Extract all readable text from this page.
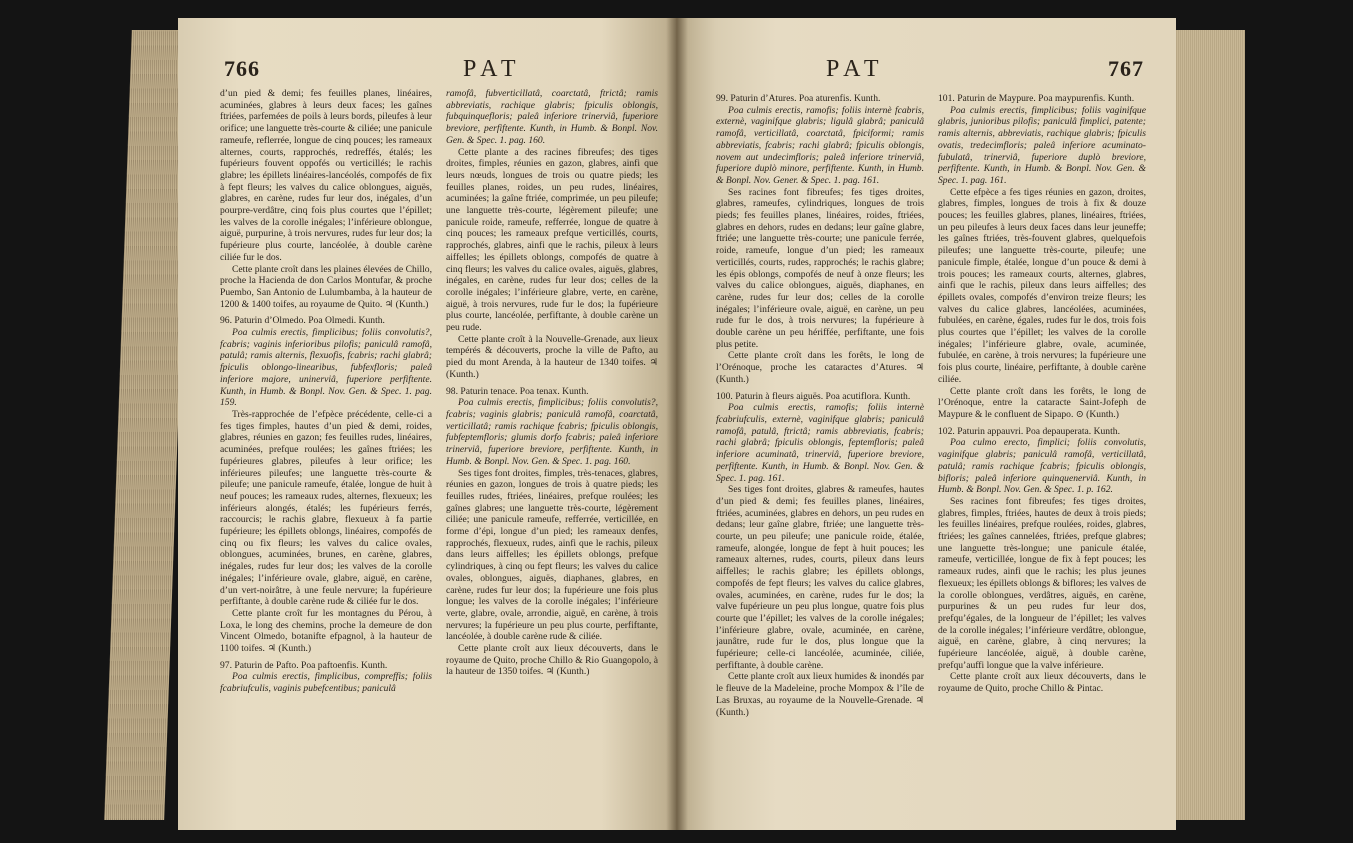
766	PAT

d’un pied & demi; fes feuilles planes, linéaires, acuminées, glabres à leurs deux faces; les gaînes ftriées, parfemées de poils à leurs bords, pileufes à leur orifice; une languette très-courte & ciliée; une panicule rameufe, reflerrée, longue de cinq pouces; les rameaux alternes, courts, rapprochés, redreffés, étalés; les fupérieurs fouvent oppofés ou verticillés; le rachis glabre; les épillets linéaires-lancéolés, compofés de fix à fept fleurs; les valves du calice oblongues, aiguës, glabres, en carène, rudes fur leur dos, inégales, d’un pourpre-verdâtre, cinq fois plus courtes que l’épillet; les valves de la corolle inégales; l’inférieure oblongue, aiguë, purpurine, à trois nervures, rudes fur leur dos; la fupérieure plus courte, lancéolée, à double carène ciliée fur le dos.

Cette plante croît dans les plaines élevées de Chillo, proche la Hacienda de don Carlos Montufar, & proche Puembo, San Antonio de Lulumbamba, à la hauteur de 1200 & 1400 toifes, au royaume de Quito. ♃ (Kunth.)

96. Paturin d’Olmedo. Poa Olmedi. Kunth.

Poa culmis erectis, fimplicibus; foliis convolutis?, fcabris; vaginis inferioribus pilofis; paniculâ ramofâ, patulâ; ramis alternis, flexuofis, fcabris; rachi glabrâ; fpiculis oblongo-linearibus, fubfexfloris; paleâ inferiore majore, uninerviâ, fuperiore perfiftente. Kunth, in Humb. & Bonpl. Nov. Gen. & Spec. 1. pag. 159.

Très-rapprochée de l’efpèce précédente, celle-ci a fes tiges fimples, hautes d’un pied & demi, roides, glabres, réunies en gazon; fes feuilles rudes, linéaires, acuminées, prefque roulées; les gaînes ftriées; les fupérieures glabres, pileufes à leur orifice; les inférieures pileufes; une languette très-courte & pileufe; une panicule rameufe, étalée, longue de huit à neuf pouces; les rameaux rudes, alternes, flexueux; les inférieurs alongés, étalés; les fupérieurs ferrés, raccourcis; le rachis glabre, flexueux à fa partie fupérieure; les épillets oblongs, linéaires, compofés de cinq ou fix fleurs; les valves du calice ovales, oblongues, acuminées, brunes, en carène, glabres, inégales, rudes fur leur dos; les valves de la corolle inégales; l’inférieure ovale, glabre, aiguë, en carène, d’un vert-noirâtre, à une feule nervure; la fupérieure perfiftante, à double carène rude & ciliée fur le dos.

Cette plante croît fur les montagnes du Pérou, à Loxa, le long des chemins, proche la demeure de don Vincent Olmedo, botanifte efpagnol, à la hauteur de 1100 toifes. ♃ (Kunth.)

97. Paturin de Pafto. Poa paftoenfis. Kunth.

Poa culmis erectis, fimplicibus, compreffis; foliis fcabriufculis, vaginis pubefcentibus; paniculâ

ramofâ, fubverticillatâ, coarctatâ, ftrictâ; ramis abbreviatis, rachique glabris; fpiculis oblongis, fubquinquefloris; paleâ inferiore trinerviâ, fuperiore breviore, perfiftente. Kunth, in Humb. & Bonpl. Nov. Gen. & Spec. 1. pag. 160.

Cette plante a des racines fibreufes; des tiges droites, fimples, réunies en gazon, glabres, ainfi que leurs nœuds, longues de trois ou quatre pieds; les feuilles planes, roides, un peu rudes, linéaires, acuminées; la gaîne ftriée, comprimée, un peu pileufe; une languette très-courte, légèrement pileufe; une panicule roide, rameufe, refferrée, longue de quatre à cinq pouces; les rameaux prefque verticillés, courts, rapprochés, glabres, ainfi que le rachis, pileux à leurs aiffelles; les épillets oblongs, compofés de quatre à cinq fleurs; les valves du calice ovales, aiguës, glabres, inégales, en carène, rudes fur leur dos; celles de la corolle inégales; l’inférieure glabre, verte, en carène, aiguë, à trois nervures, rude fur le dos; la fupérieure plus courte, lancéolée, perfiftante, à double carène un peu rude.

Cette plante croît à la Nouvelle-Grenade, aux lieux tempérés & découverts, proche la ville de Pafto, au pied du mont Arenda, à la hauteur de 1340 toifes. ♃ (Kunth.)

98. Paturin tenace. Poa tenax. Kunth.

Poa culmis erectis, fimplicibus; foliis convolutis?, fcabris; vaginis glabris; paniculâ ramofâ, coarctatâ, verticillatâ; ramis rachique fcabris; fpiculis oblongis, fubfeptemfloris; glumis dorfo fcabris; paleâ inferiore trinerviâ, fuperiore breviore, perfiftente. Kunth, in Humb. & Bonpl. Nov. Gen. & Spec. 1. pag. 160.

Ses tiges font droites, fimples, très-tenaces, glabres, réunies en gazon, longues de trois à quatre pieds; les feuilles rudes, ftriées, linéaires, prefque roulées; les gaînes glabres; une languette très-courte, légèrement ciliée; une panicule rameufe, refferrée, verticillée, en forme d’épi, longue d’un pied; les rameaux denfes, rapprochés, flexueux, rudes, ainfi que le rachis, pileux dans leurs aiffelles; les épillets oblongs, prefque cylindriques, à cinq ou fept fleurs; les valves du calice ovales, oblongues, aiguës, diaphanes, glabres, en carène, rudes fur leur dos; la fupérieure une fois plus longue; les valves de la corolle inégales; l’inférieure verte, glabre, ovale, arrondie, aiguë, en carène, à trois nervures; la fupérieure un peu plus courte, perfiftante, lancéolée, à double carène rude & ciliée.

Cette plante croît aux lieux découverts, dans le royaume de Quito, proche Chillo & Rio Guangopolo, à la hauteur de 1350 toifes. ♃ (Kunth.)

PAT	767

99. Paturin d’Atures. Poa aturenfis. Kunth.

Poa culmis erectis, ramofis; foliis internè fcabris, externè, vaginifque glabris; ligulâ glabrâ; paniculâ ramofâ, verticillatâ, coarctatâ, fpiciformi; ramis abbreviatis, fcabris; rachi glabrâ; fpiculis oblongis, novem aut undecimfloris; paleâ inferiore trinerviâ, fuperiore duplò minore, perfiftente. Kunth, in Humb. & Bonpl. Nov. Gener. & Spec. 1. pag. 161.

Ses racines font fibreufes; fes tiges droites, glabres, rameufes, cylindriques, longues de trois pieds; fes feuilles planes, linéaires, roides, ftriées, glabres en dehors, rudes en dedans; leur gaîne glabre, ftriée; une languette très-courte; une panicule ferrée, roide, rameufe, longue d’un pied; les rameaux verticillés, courts, rudes, rapprochés; le rachis glabre; les épis oblongs, compofés de neuf à onze fleurs; les valves du calice oblongues, aiguës, diaphanes, en carène, rudes fur leur dos; celles de la corolle inégales; l’inférieure ovale, aiguë, en carène, un peu rude fur le dos, à trois nervures; la fupérieure à double carène un peu hériffée, perfiftante, une fois plus petite.

Cette plante croît dans les forêts, le long de l’Orénoque, proche les cataractes d’Atures. ♃ (Kunth.)

100. Paturin à fleurs aiguës. Poa acutiflora. Kunth.

Poa culmis erectis, ramofis; foliis internè fcabriufculis, externè, vaginifque glabris; paniculâ ramofâ, patulâ, ftrictâ; ramis abbreviatis, fcabris; rachi glabrâ; fpiculis oblongis, feptemfloris; paleâ inferiore acuminatâ, trinerviâ, fuperiore breviore, perfiftente. Kunth, in Humb. & Bonpl. Nov. Gen. & Spec. 1. pag. 161.

Ses tiges font droites, glabres & rameufes, hautes d’un pied & demi; fes feuilles planes, linéaires, ftriées, acuminées, glabres en dehors, un peu rudes en dedans; leur gaîne glabre, ftriée; une languette très-courte, un peu pileufe; une panicule roide, étalée, rameufe, alongée, longue de fept à huit pouces; les rameaux alternes, rudes, courts, pileux dans leurs aiffelles; le rachis glabre; les épillets oblongs, compofés de fept fleurs; les valves du calice glabres, ovales, acuminées, en carène, rudes fur le dos; la valve fupérieure un peu plus longue, quatre fois plus courte que l’épillet; les valves de la corolle inégales; l’inférieure glabre, ovale, acuminée, en carène, jaunâtre, rude fur le dos, plus longue que la fupérieure; celle-ci lancéolée, acuminée, ciliée, perfiftante, à double carène.

Cette plante croît aux lieux humides & inondés par le fleuve de la Madeleine, proche Mompox & l’île de Las Bruxas, au royaume de la Nouvelle-Grenade. ♃ (Kunth.)

101. Paturin de Maypure. Poa maypurenfis. Kunth.

Poa culmis erectis, fimplicibus; foliis vaginifque glabris, junioribus pilofis; paniculâ fimplici, patente; ramis alternis, abbreviatis, rachique glabris; fpiculis ovatis, tredecimfloris; paleâ inferiore acuminato-fubulatâ, trinerviâ, fuperiore duplò breviore, perfiftente. Kunth, in Humb. & Bonpl. Nov. Gen. & Spec. 1. pag. 161.

Cette efpèce a fes tiges réunies en gazon, droites, glabres, fimples, longues de trois à fix & douze pouces; les feuilles glabres, planes, linéaires, ftriées, un peu pileufes à leurs deux faces dans leur jeuneffe; les gaînes ftriées, très-fouvent glabres, quelquefois pileufes; une languette très-courte, pileufe; une panicule fimple, étalée, longue d’un pouce & demi à trois pouces; les rameaux courts, alternes, glabres, ainfi que le rachis, pileux dans leurs aiffelles; des épillets ovales, compofés d’environ treize fleurs; les valves du calice glabres, lancéolées, acuminées, fubulées, en carène, égales, rudes fur le dos, trois fois plus courtes que l’épillet; les valves de la corolle inégales; l’inférieure glabre, ovale, acuminée, fubulée, en carène, à trois nervures; la fupérieure une fois plus courte, linéaire, perfiftante, à double carène ciliée.

Cette plante croît dans les forêts, le long de l’Orénoque, entre la cataracte Saint-Jofeph de Maypure & le confluent de Sipapo. ⊙ (Kunth.)

102. Paturin appauvri. Poa depauperata. Kunth.

Poa culmo erecto, fimplici; foliis convolutis, vaginifque glabris; paniculâ ramofâ, verticillatâ, patulâ; ramis rachique fcabris; fpiculis oblongis, bifloris; paleâ inferiore quinquenerviâ. Kunth, in Humb. & Bonpl. Nov. Gen. & Spec. 1. p. 162.

Ses racines font fibreufes; fes tiges droites, glabres, fimples, ftriées, hautes de deux à trois pieds; les feuilles linéaires, prefque roulées, roides, glabres, ftriées; les gaînes cannelées, ftriées, prefque glabres; une languette très-longue; une panicule étalée, rameufe, verticillée, longue de fix à fept pouces; les rameaux rudes, ainfi que le rachis; les plus jeunes flexueux; les épillets oblongs & biflores; les valves de la corolle oblongues, verdâtres, aiguës, en carène, purpurines & un peu rudes fur leur dos, prefqu’égales, de la longueur de l’épillet; les valves de la corolle inégales; l’inférieure verdâtre, oblongue, aiguë, en carène, glabre, à cinq nervures; la fupérieure lancéolée, aiguë, à double carène, prefqu’auffi longue que la valve inférieure.

Cette plante croît aux lieux découverts, dans le royaume de Quito, proche Chillo & Pintac.
